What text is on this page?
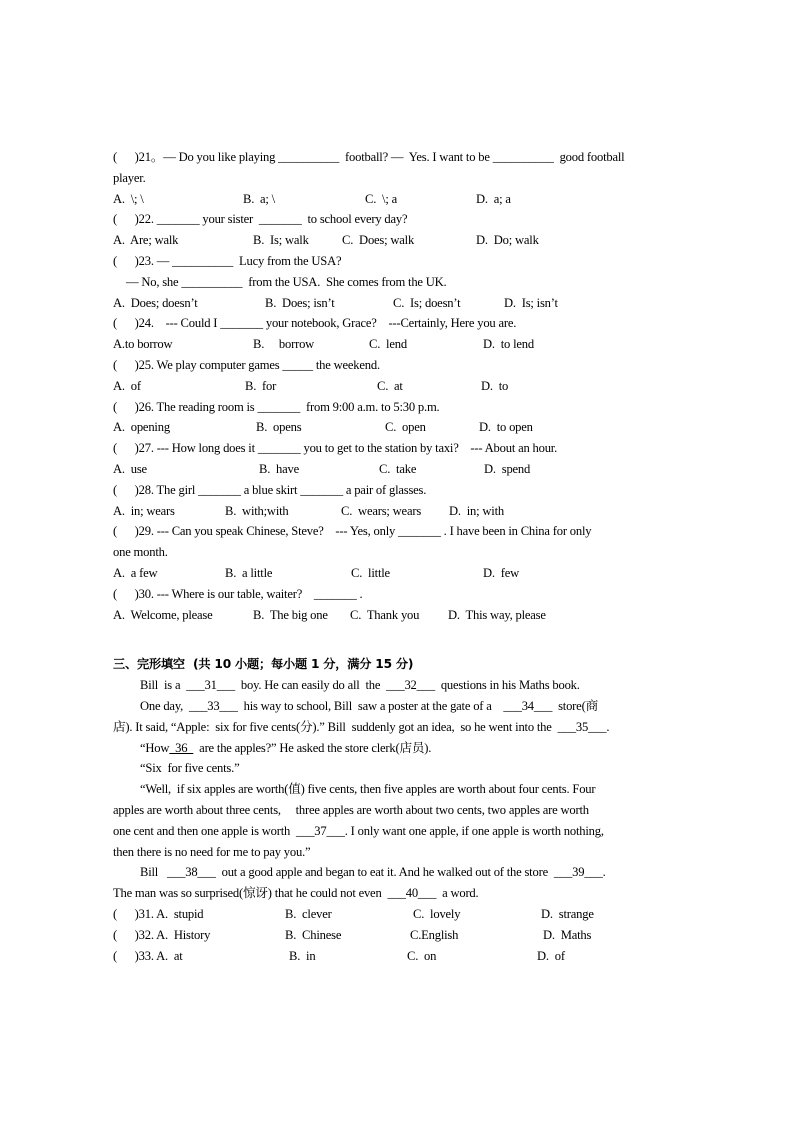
(      )21。— Do you like playing __________  football? —  Yes. I want to be __________  good football
player.

A.  \; \

	B.  a; \

	C.  \; a

	D.  a; a

(      )22. _______ your sister  _______  to school every day?

A.  Are; walk

	B.  Is; walk

	C.  Does; walk

	D.  Do; walk

(      )23. — __________  Lucy from the USA?
— No, she __________  from the USA.  She comes from the UK.

A.  Does; doesn’t

	B.  Does; isn’t

	C.  Is; doesn’t

	D.  Is; isn’t

(      )24.    --- Could I _______ your notebook, Grace?    ---Certainly, Here you are.

A.to borrow

	B.     borrow

	C.  lend

	D.  to lend

(      )25. We play computer games _____ the weekend.

A.  of

	B.  for

	C.  at

	D.  to

(      )26. The reading room is _______  from 9:00 a.m. to 5:30 p.m.

A.  opening

	B.  opens

	C.  open

	D.  to open

(      )27. --- How long does it _______ you to get to the station by taxi?    --- About an hour.

A.  use

	B.  have

	C.  take

	D.  spend

(      )28. The girl _______ a blue skirt _______ a pair of glasses.

A.  in; wears

	B.  with;with

	C.  wears; wears

D.  in; with

(      )29. --- Can you speak Chinese, Steve?    --- Yes, only _______ . I have been in China for only
one month.

A.  a few

	B.  a little

	C.  little

	D.  few

(      )30. --- Where is our table, waiter?    _______ .

A.  Welcome, please

	B.  The big one

C.  Thank you

D.  This way, please

三、完形填空  (共 10 小题；每小题 1 分，满分 15 分)
Bill  is a  ___31___  boy. He can easily do all  the  ___32___  questions in his Maths book.
One day,  ___33___  his way to school, Bill  saw a poster at the gate of a    ___34___  store(商
店). It said, “Apple:  six for five cents(分).” Bill  suddenly got an idea,  so he went into the  ___35___.
“How  36    are the apples?” He asked the store clerk(店员).
“Six  for five cents.”
“Well,  if six apples are worth(值) five cents, then five apples are worth about four cents. Four
apples are worth about three cents,     three apples are worth about two cents, two apples are worth
one cent and then one apple is worth  ___37___. I only want one apple, if one apple is worth nothing,
then there is no need for me to pay you.”
Bill   ___38___  out a good apple and began to eat it. And he walked out of the store  ___39___.
The man was so surprised(惊讶) that he could not even  ___40___  a word.

(      )31. A.  stupid

	B.  clever

	C.  lovely

	D.  strange

(      )32. A.  History

	B.  Chinese

	C.English

	D.  Maths

(      )33. A.  at

	B.  in

	C.  on

	D.  of
